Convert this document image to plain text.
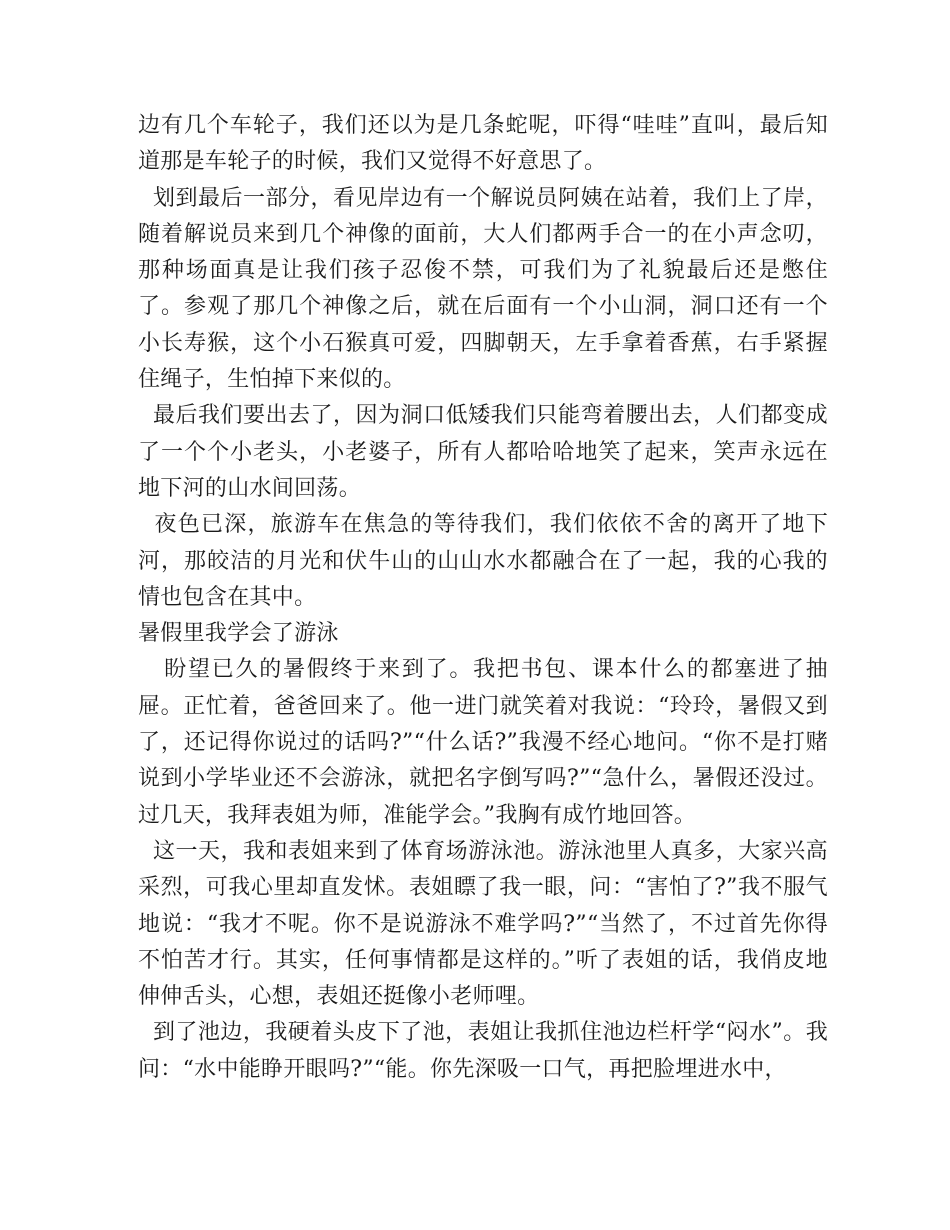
边有几个车轮子，我们还以为是几条蛇呢，吓得“哇哇”直叫，最后知道那是车轮子的时候，我们又觉得不好意思了。

划到最后一部分，看见岸边有一个解说员阿姨在站着，我们上了岸，随着解说员来到几个神像的面前，大人们都两手合一的在小声念叨，那种场面真是让我们孩子忍俊不禁，可我们为了礼貌最后还是憋住了。参观了那几个神像之后，就在后面有一个小山洞，洞口还有一个小长寿猴，这个小石猴真可爱，四脚朝天，左手拿着香蕉，右手紧握住绳子，生怕掉下来似的。

最后我们要出去了，因为洞口低矮我们只能弯着腰出去，人们都变成了一个个小老头，小老婆子，所有人都哈哈地笑了起来，笑声永远在地下河的山水间回荡。

夜色已深，旅游车在焦急的等待我们，我们依依不舍的离开了地下河，那皎洁的月光和伏牛山的山山水水都融合在了一起，我的心我的情也包含在其中。

暑假里我学会了游泳

盼望已久的暑假终于来到了。我把书包、课本什么的都塞进了抽屉。正忙着，爸爸回来了。他一进门就笑着对我说：“玲玲，暑假又到了，还记得你说过的话吗?”“什么话?”我漫不经心地问。“你不是打赌说到小学毕业还不会游泳，就把名字倒写吗?”“急什么，暑假还没过。过几天，我拜表姐为师，准能学会。”我胸有成竹地回答。

这一天，我和表姐来到了体育场游泳池。游泳池里人真多，大家兴高采烈，可我心里却直发怵。表姐瞟了我一眼，问：“害怕了?”我不服气地说：“我才不呢。你不是说游泳不难学吗?”“当然了，不过首先你得不怕苦才行。其实，任何事情都是这样的。”听了表姐的话，我俏皮地伸伸舌头，心想，表姐还挺像小老师哩。

到了池边，我硬着头皮下了池，表姐让我抓住池边栏杆学“闷水”。我问：“水中能睁开眼吗?”“能。你先深吸一口气，再把脸埋进水中，
